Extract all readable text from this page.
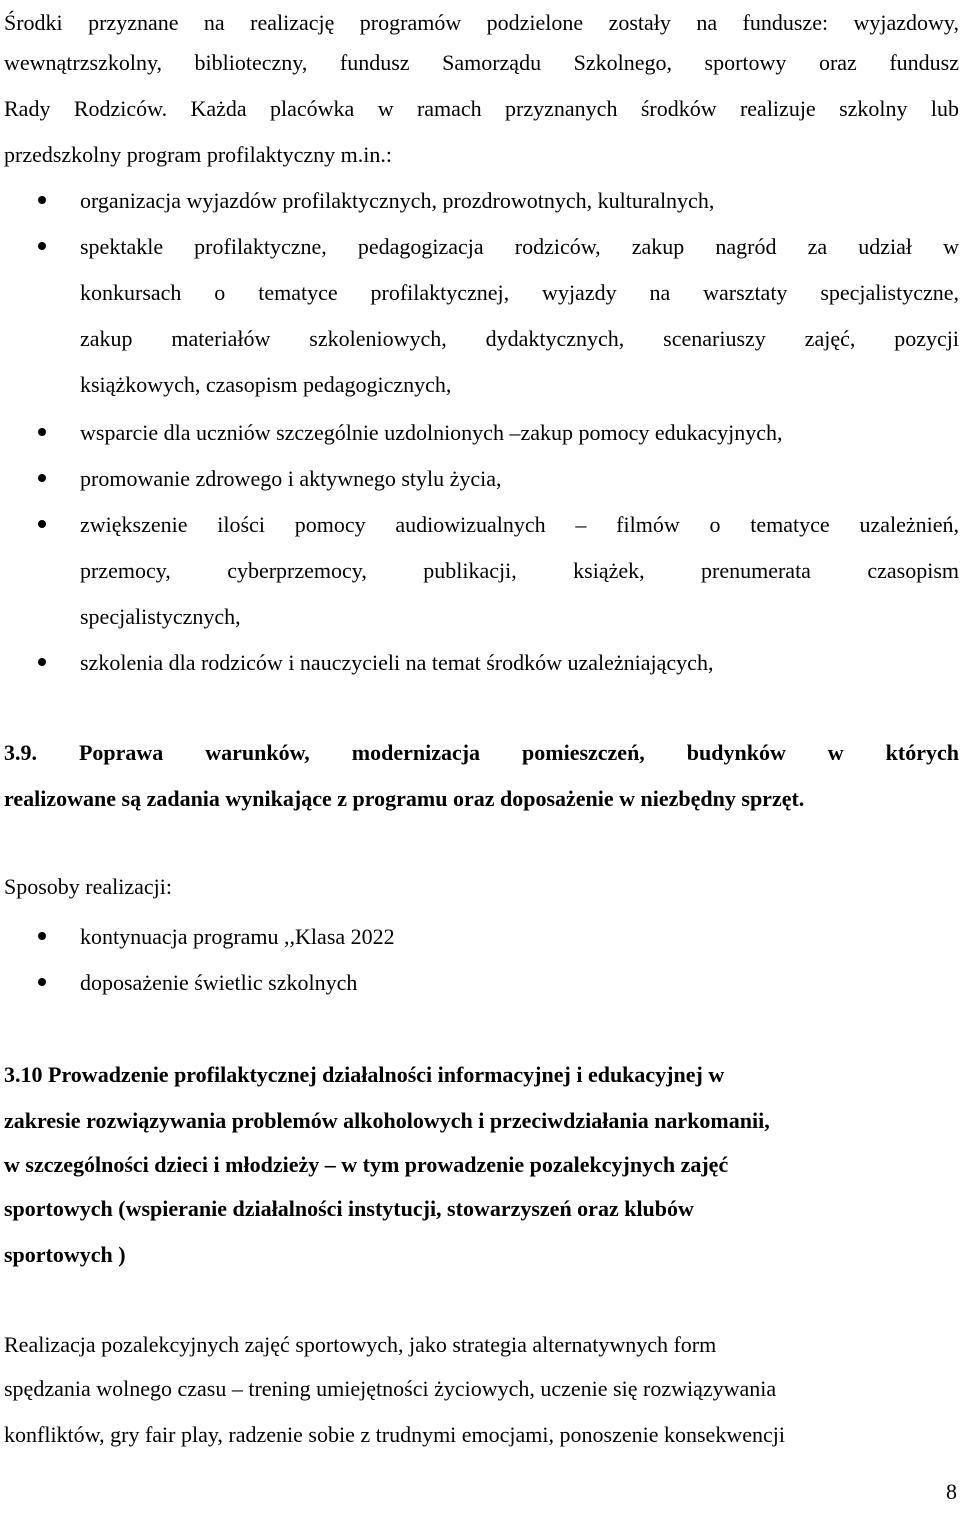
Środki przyznane na realizację programów podzielone zostały na fundusze: wyjazdowy,
wewnątrzszkolny, biblioteczny, fundusz Samorządu Szkolnego, sportowy oraz fundusz
Rady Rodziców. Każda placówka w ramach przyznanych środków realizuje szkolny lub
przedszkolny program profilaktyczny m.in.:
organizacja wyjazdów profilaktycznych, prozdrowotnych, kulturalnych,
spektakle profilaktyczne, pedagogizacja rodziców, zakup nagród za udział w
konkursach o tematyce profilaktycznej, wyjazdy na warsztaty specjalistyczne,
zakup materiałów szkoleniowych, dydaktycznych, scenariuszy zajęć, pozycji
książkowych, czasopism pedagogicznych,
wsparcie dla uczniów szczególnie uzdolnionych –zakup pomocy edukacyjnych,
promowanie zdrowego i aktywnego stylu życia,
zwiększenie ilości pomocy audiowizualnych – filmów o tematyce uzależnień,
przemocy, cyberprzemocy, publikacji, książek, prenumerata czasopism
specjalistycznych,
szkolenia dla rodziców i nauczycieli na temat środków uzależniających,
3.9. Poprawa warunków, modernizacja pomieszczeń, budynków w których
realizowane są zadania wynikające z programu oraz doposażenie w niezbędny sprzęt.
Sposoby realizacji:
kontynuacja programu ,,Klasa 2022
doposażenie świetlic szkolnych
3.10 Prowadzenie profilaktycznej działalności informacyjnej i edukacyjnej w
zakresie rozwiązywania problemów alkoholowych i przeciwdziałania narkomanii,
w szczególności dzieci i młodzieży – w tym prowadzenie pozalekcyjnych zajęć
sportowych (wspieranie działalności instytucji, stowarzyszeń oraz klubów
sportowych )
Realizacja pozalekcyjnych zajęć sportowych, jako strategia alternatywnych form
spędzania wolnego czasu – trening umiejętności życiowych, uczenie się rozwiązywania
konfliktów, gry fair play, radzenie sobie z trudnymi emocjami, ponoszenie konsekwencji
8
